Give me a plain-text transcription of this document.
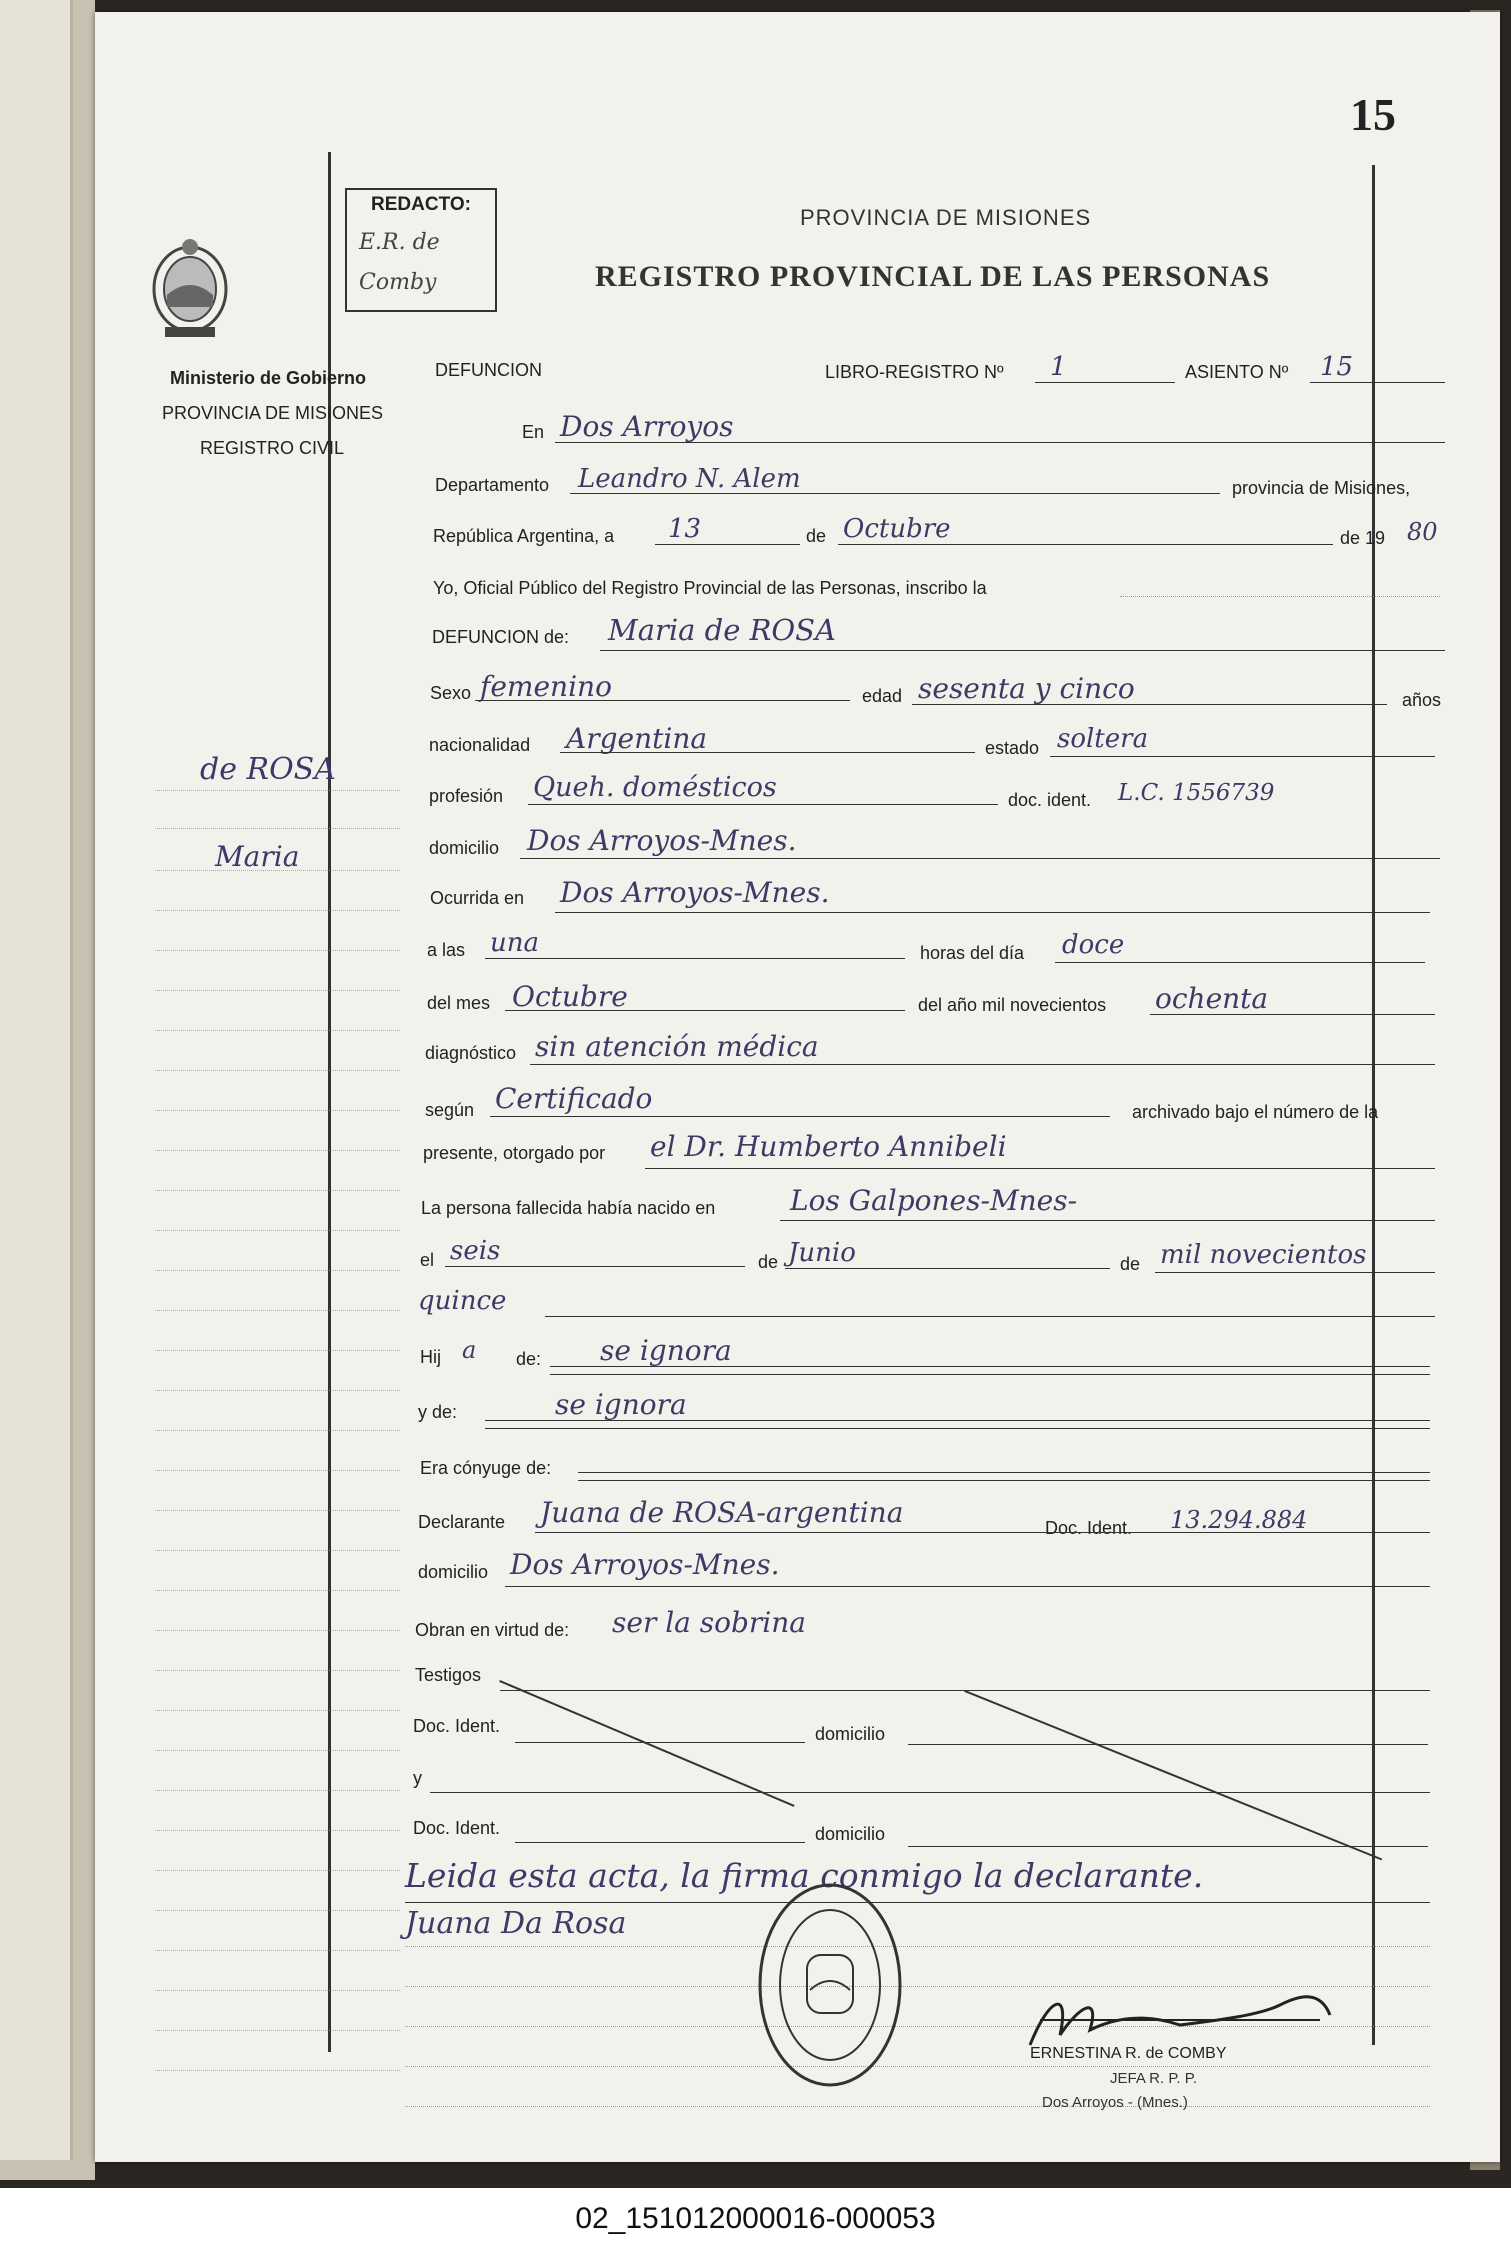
15
REDACTO:
E.R. de
Comby
PROVINCIA DE MISIONES
REGISTRO PROVINCIAL DE LAS PERSONAS
Ministerio de Gobierno
PROVINCIA DE MISIONES
REGISTRO CIVIL
de ROSA
Maria
DEFUNCION	LIBRO-REGISTRO Nº 1	ASIENTO Nº 15
En Dos Arroyos
Departamento Leandro N. Alem	provincia de Misiones,
República Argentina, a 13	de Octubre	de 19 80
Yo, Oficial Público del Registro Provincial de las Personas, inscribo la
DEFUNCION de: Maria de ROSA
Sexo femenino	edad sesenta y cinco	años
nacionalidad Argentina	estado soltera
profesión Queh. domésticos	doc. ident. L.C. 1556739
domicilio Dos Arroyos-Mnes.
Ocurrida en Dos Arroyos-Mnes.
a las una	horas del día doce
del mes Octubre	del año mil novecientos ochenta
diagnóstico sin atención médica
según Certificado	archivado bajo el número de la
presente, otorgado por el Dr. Humberto Annibeli
La persona fallecida había nacido en	Los Galpones-Mnes-
el seis	de Junio	de mil novecientos
quince
Hij a de: se ignora
y de:	se ignora
Era cónyuge de:
Declarante Juana de ROSA-argentina	Doc. Ident. 13.294.884
domicilio Dos Arroyos-Mnes.
Obran en virtud de: ser la sobrina
Testigos
Doc. Ident.	domicilio
y
Doc. Ident.	domicilio
Leida esta acta, la firma conmigo la declarante.
Juana Da Rosa
ERNESTINA R. de COMBY
JEFA R. P. P.
Dos Arroyos - (Mnes.)
02_151012000016-000053
